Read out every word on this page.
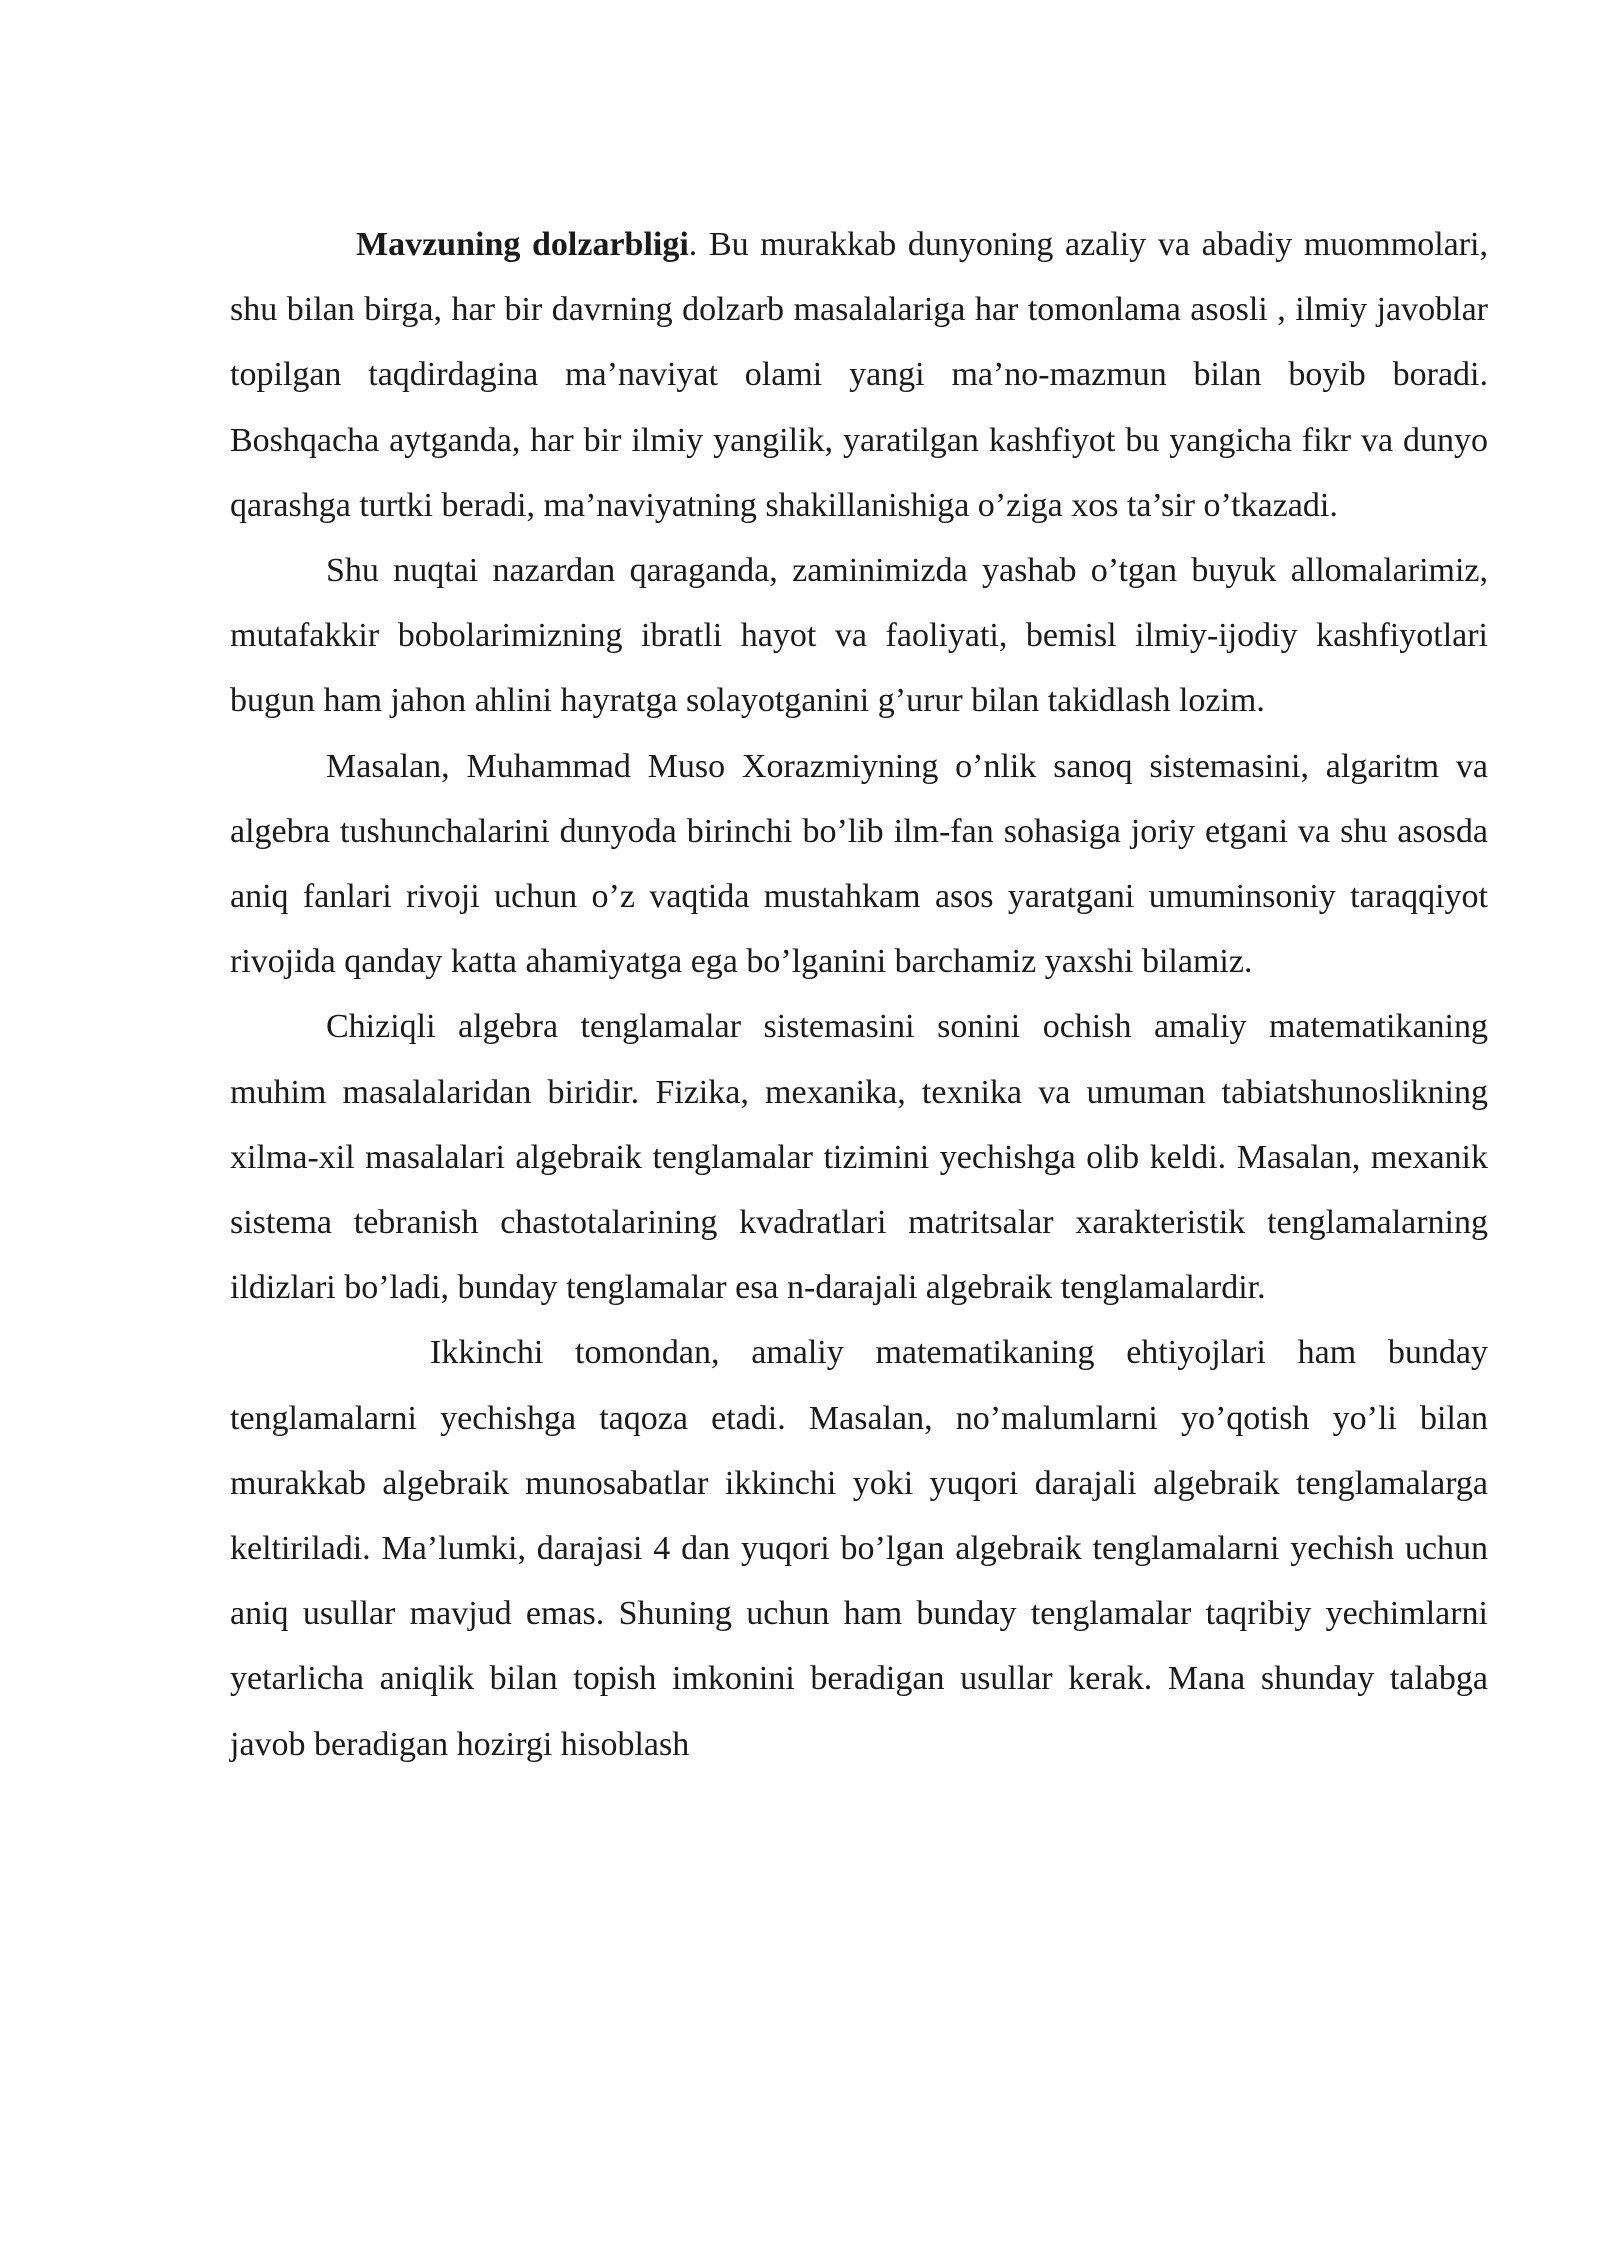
Mavzuning dolzarbligi. Bu murakkab dunyoning azaliy va abadiy muommolari, shu bilan birga, har bir davrning dolzarb masalalariga har tomonlama asosli , ilmiy javoblar topilgan taqdirdagina ma’naviyat olami yangi ma’no-mazmun bilan boyib boradi. Boshqacha aytganda, har bir ilmiy yangilik, yaratilgan kashfiyot bu yangicha fikr va dunyo qarashga turtki beradi, ma’naviyatning shakillanishiga o’ziga xos ta’sir o’tkazadi.

Shu nuqtai nazardan qaraganda, zaminimizda yashab o’tgan buyuk allomalarimiz, mutafakkir bobolarimizning ibratli hayot va faoliyati, bemisl ilmiy-ijodiy kashfiyotlari bugun ham jahon ahlini hayratga solayotganini g’urur bilan takidlash lozim.

Masalan, Muhammad Muso Xorazmiyning o’nlik sanoq sistemasini, algaritm va algebra tushunchalarini dunyoda birinchi bo’lib ilm-fan sohasiga joriy etgani va shu asosda aniq fanlari rivoji uchun o’z vaqtida mustahkam asos yaratgani umuminsoniy taraqqiyot rivojida qanday katta ahamiyatga ega bo’lganini barchamiz yaxshi bilamiz.

Chiziqli algebra tenglamalar sistemasini sonini ochish amaliy matematikaning muhim masalalaridan biridir. Fizika, mexanika, texnika va umuman tabiatshunoslikning xilma-xil masalalari algebraik tenglamalar tizimini yechishga olib keldi. Masalan, mexanik sistema tebranish chastotalarining kvadratlari matritsalar xarakteristik tenglamalarning ildizlari bo’ladi, bunday tenglamalar esa n-darajali algebraik tenglamalardir.

Ikkinchi tomondan, amaliy matematikaning ehtiyojlari ham bunday tenglamalarni yechishga taqoza etadi. Masalan, no’malumlarni yo’qotish yo’li bilan murakkab algebraik munosabatlar ikkinchi yoki yuqori darajali algebraik tenglamalarga keltiriladi. Ma’lumki, darajasi 4 dan yuqori bo’lgan algebraik tenglamalarni yechish uchun aniq usullar mavjud emas. Shuning uchun ham bunday tenglamalar taqribiy yechimlarni yetarlicha aniqlik bilan topish imkonini beradigan usullar kerak. Mana shunday talabga javob beradigan hozirgi hisoblash
